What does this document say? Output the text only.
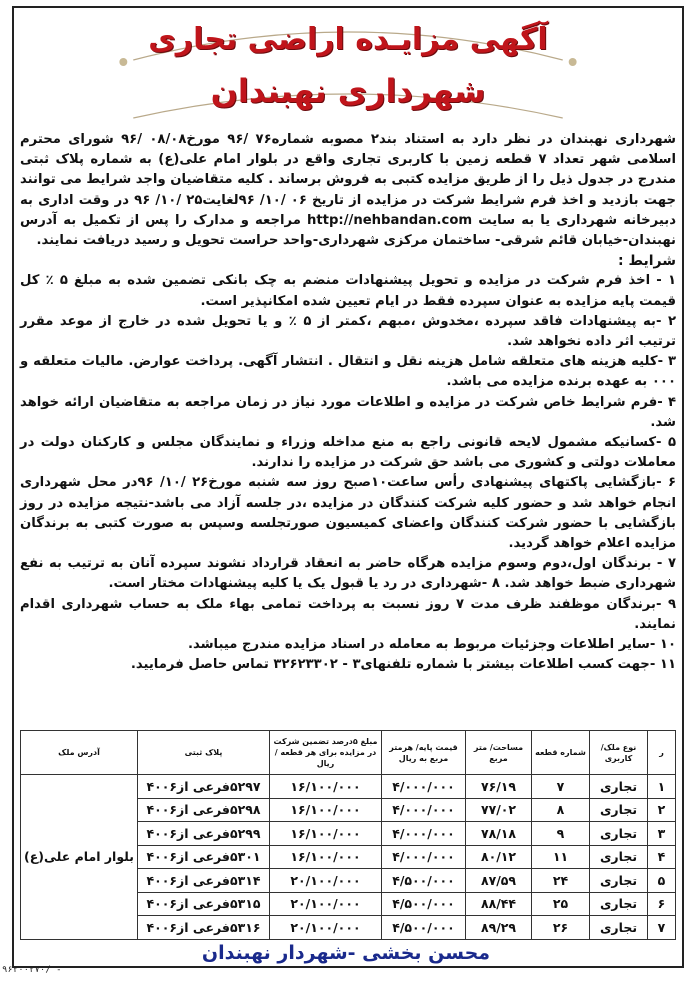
آگهی مزایـده اراضی تجاری
شهرداری نهبندان

شهرداری نهبندان در نظر دارد به استناد بند۲ مصوبه شماره۷۶ /۹۶ مورخ۰۸/۰۸ /۹۶ شورای محترم اسلامی شهر تعداد ۷ قطعه زمین با کاربری تجاری واقع در بلوار امام علی(ع) به شماره پلاک ثبتی مندرج در جدول ذیل را از طریق مزایده کتبی به فروش برساند . کلیه متقاضیان واجد شرایط می توانند جهت بازدید و اخذ فرم شرایط شرکت در مزایده از تاریخ ۰۶ /۱۰/ ۹۶لغایت۲۵ /۱۰/ ۹۶ در وقت اداری به دبیرخانه شهرداری یا به سایت http://nehbandan.com مراجعه و مدارک را پس از تکمیل به آدرس نهبندان-خیابان قائم شرقی- ساختمان مرکزی شهرداری-واحد حراست تحویل و رسید دریافت نمایند.

شرایط :

۱ - اخذ فرم شرکت در مزایده و تحویل پیشنهادات منضم به چک بانکی تضمین شده به مبلغ ۵ ٪ کل قیمت پایه مزایده به عنوان سپرده فقط در ایام تعیین شده امکانپذیر است.

۲ -به پیشنهادات فاقد سپرده ،مخدوش ،مبهم ،کمتر از ۵ ٪ و یا تحویل شده در خارج از موعد مقرر ترتیب اثر داده نخواهد شد.

۳ -کلیه هزینه های متعلقه شامل هزینه نقل و انتقال . انتشار آگهی. پرداخت عوارض. مالیات متعلقه و ۰۰۰ به عهده برنده مزایده می باشد.

۴ -فرم شرایط خاص شرکت در مزایده و اطلاعات مورد نیاز در زمان مراجعه به متقاضیان ارائه خواهد شد.

۵ -کسانیکه مشمول لایحه قانونی راجع به منع مداخله وزراء و نمایندگان مجلس و کارکنان دولت در معاملات دولتی و کشوری می باشد حق شرکت در مزایده را ندارند.

۶ -بازگشایی پاکتهای پیشنهادی رأس ساعت۱۰صبح روز سه شنبه مورخ۲۶ /۱۰/ ۹۶در محل شهرداری انجام خواهد شد و حضور کلیه شرکت کنندگان در مزایده ،در جلسه آزاد می باشد-نتیجه مزایده در روز بازگشایی با حضور شرکت کنندگان واعضای کمیسیون صورتجلسه وسپس به صورت کتبی به برندگان مزایده اعلام خواهد گردید.

۷ - برندگان اول،دوم وسوم مزایده هرگاه حاضر به انعقاد قرارداد نشوند سپرده آنان به ترتیب به نفع شهرداری ضبط خواهد شد. ۸ -شهرداری در رد یا قبول یک یا کلیه پیشنهادات مختار است.

۹ -برندگان موظفند ظرف مدت ۷ روز نسبت به پرداخت تمامی بهاء ملک به حساب شهرداری اقدام نمایند.

۱۰ -سایر اطلاعات وجزئیات مربوط به معامله در اسناد مزایده مندرج میباشد.

۱۱ -جهت کسب اطلاعات بیشتر با شماره تلفنهای۳ - ۳۲۶۲۳۳۰۲ تماس حاصل فرمایید.

ر	نوع ملک/ کاربری	شماره قطعه	مساحت/ متر مربع	قیمت پایه/ هرمتر مربع به ریال	مبلغ ۵درصد تضمین شرکت در مزایده برای هر قطعه / ریال	پلاک ثبتی	آدرس ملک
۱	تجاری	۷	۷۶/۱۹	۴/۰۰۰/۰۰۰	۱۶/۱۰۰/۰۰۰	۵۲۹۷فرعی از۴۰۰۶	بلوار امام علی(ع)
۲	تجاری	۸	۷۷/۰۲	۴/۰۰۰/۰۰۰	۱۶/۱۰۰/۰۰۰	۵۲۹۸فرعی از۴۰۰۶	
۳	تجاری	۹	۷۸/۱۸	۴/۰۰۰/۰۰۰	۱۶/۱۰۰/۰۰۰	۵۲۹۹فرعی از۴۰۰۶	
۴	تجاری	۱۱	۸۰/۱۲	۴/۰۰۰/۰۰۰	۱۶/۱۰۰/۰۰۰	۵۳۰۱فرعی از۴۰۰۶	
۵	تجاری	۲۴	۸۷/۵۹	۴/۵۰۰/۰۰۰	۲۰/۱۰۰/۰۰۰	۵۳۱۴فرعی از۴۰۰۶	
۶	تجاری	۲۵	۸۸/۴۴	۴/۵۰۰/۰۰۰	۲۰/۱۰۰/۰۰۰	۵۳۱۵فرعی از۴۰۰۶	
۷	تجاری	۲۶	۸۹/۲۹	۴/۵۰۰/۰۰۰	۲۰/۱۰۰/۰۰۰	۵۳۱۶فرعی از۴۰۰۶	
محسن بخشی -شهردار نهبندان
۹۶۲۰۰۲۷۰/ -
